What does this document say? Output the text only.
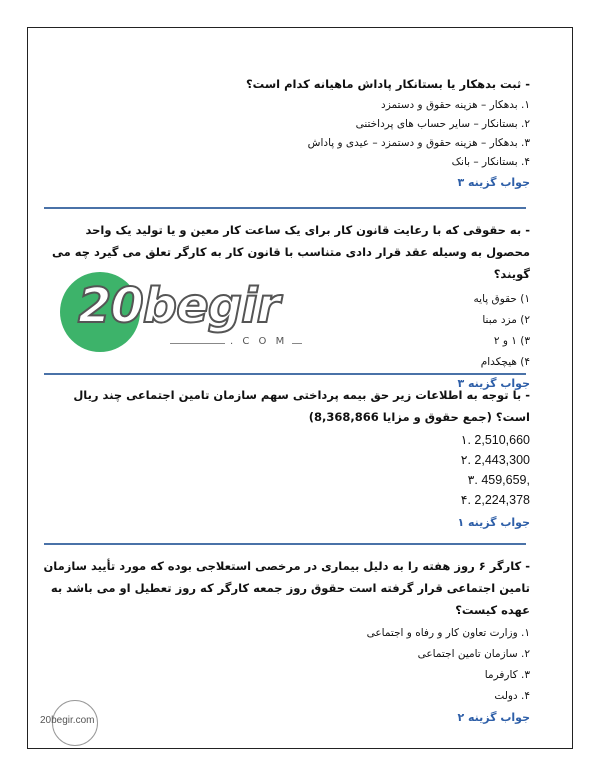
- ثبت بدهکار یا بستانکار پاداش ماهیانه کدام است؟
۱. بدهکار – هزینه حقوق و دستمزد
۲. بستانکار – سایر حساب های پرداختنی
۳. بدهکار – هزینه حقوق و دستمزد – عیدی و پاداش
۴. بستانکار – بانک
جواب گزینه ۳
- به حقوقی که با رعایت قانون کار برای یک ساعت کار معین و یا تولید یک واحد محصول به وسیله عقد قرار دادی متناسب با قانون کار به کارگر تعلق می گیرد چه می گویند؟
۱) حقوق پایه
۲) مزد مبنا
۳) ۱ و ۲
۴) هیچکدام
جواب گزینه ۳
20begir
. C O M
- با توجه به اطلاعات زیر حق بیمه پرداختی سهم سازمان تامین اجتماعی چند ریال است؟ (جمع حقوق و مزایا 8,368,866)
2,510,660 .۱
2,443,300 .۲
,459,659 .۳
2,224,378 .۴
جواب گزینه ۱
- کارگر ۶ روز هفته را به دلیل بیماری در مرخصی استعلاجی بوده که مورد تأیید سازمان تامین اجتماعی قرار گرفته است حقوق روز جمعه کارگر که روز تعطیل او می باشد به عهده کیست؟
۱. وزارت تعاون کار و رفاه و اجتماعی
۲. سازمان تامین اجتماعی
۳. کارفرما
۴. دولت
جواب گزینه ۲
20begir.com
